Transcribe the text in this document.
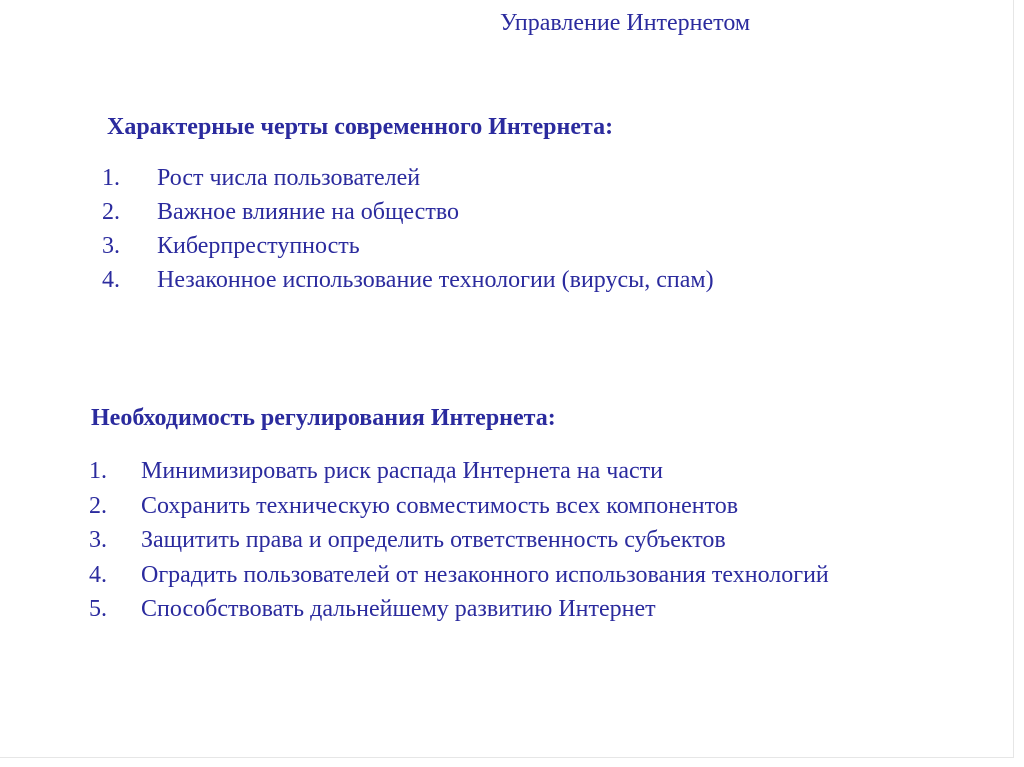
Управление Интернетом

Характерные черты современного Интернета:

1. Рост числа пользователей
2. Важное влияние на общество
3. Киберпреступность
4. Незаконное использование технологии (вирусы, спам)

Необходимость регулирования Интернета:

1. Минимизировать риск распада Интернета на части
2. Сохранить техническую совместимость всех компонентов
3. Защитить права и определить ответственность субъектов
4. Оградить пользователей от незаконного использования технологий
5. Способствовать дальнейшему развитию Интернет
